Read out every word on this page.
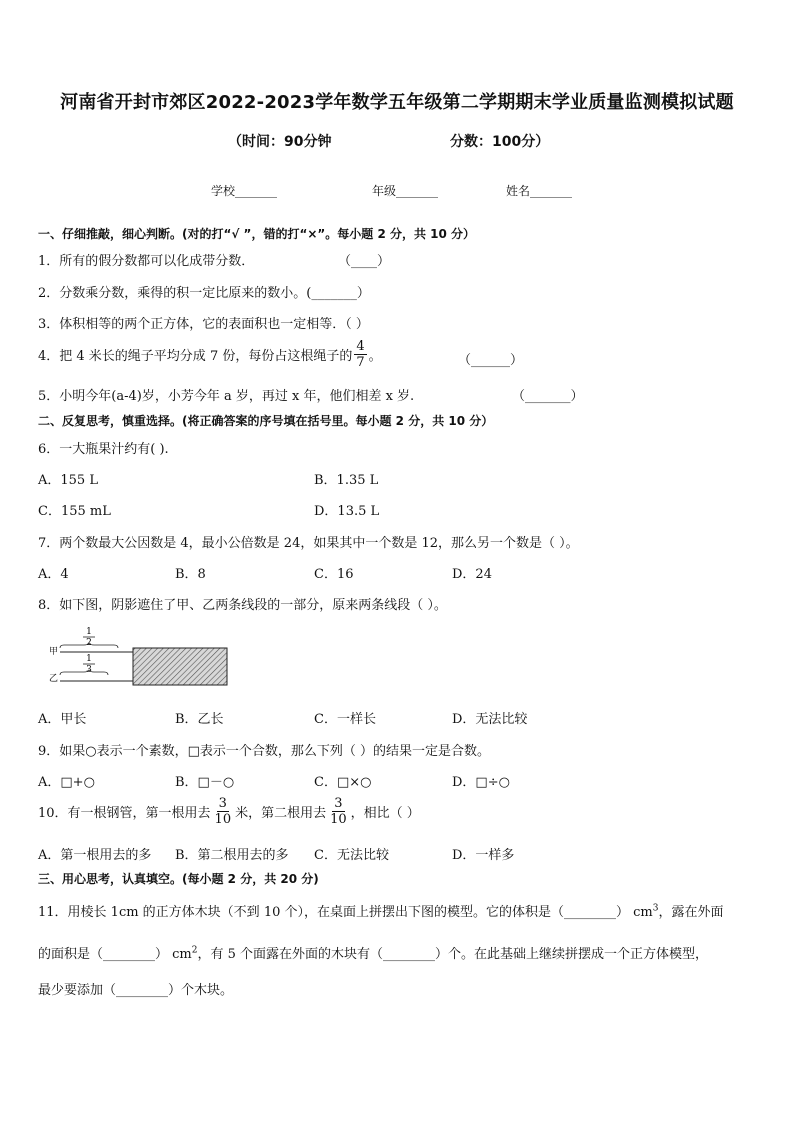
河南省开封市郊区2022-2023学年数学五年级第二学期期末学业质量监测模拟试题
（时间：90分钟	分数：100分）
学校_______	年级_______	姓名_______
一、仔细推敲，细心判断。(对的打“√ ”，错的打“×”。每小题 2 分，共 10 分）
1．所有的假分数都可以化成带分数．	（____）
2．分数乘分数，乘得的积一定比原来的数小。(_______）
3．体积相等的两个正方体，它的表面积也一定相等．（ ）
4．把 4 米长的绳子平均分成 7 份，每份占这根绳子的 $\frac{4}{7}$ 。	（______）
5．小明今年(a-4)岁，小芳今年 a 岁，再过 x 年，他们相差 x 岁.	（_______）
二、反复思考，慎重选择。(将正确答案的序号填在括号里。每小题 2 分，共 10 分）
6．一大瓶果汁约有( ).
A．155 L	B．1.35 L
C．155 mL	D．13.5 L
7．两个数最大公因数是 4，最小公倍数是 24，如果其中一个数是 12，那么另一个数是（ ）。
A．4	B．8	C．16	D．24
8．如下图，阴影遮住了甲、乙两条线段的一部分，原来两条线段（ ）。
甲
乙
1
2
1
3
A．甲长	B．乙长	C．一样长	D．无法比较
9．如果○表示一个素数，□表示一个合数，那么下列（ ）的结果一定是合数。
A．□+○	B．□－○	C．□×○	D．□÷○
10．有一根钢管，第一根用去 $\frac{3}{10}$ 米，第二根用去 $\frac{3}{10}$ ，相比（ ）
A．第一根用去的多 B．第二根用去的多 C．无法比较	D．一样多
三、用心思考，认真填空。(每小题 2 分，共 20 分)
11．用棱长 1cm 的正方体木块（不到 10 个），在桌面上拼摆出下图的模型。它的体积是（________） $cm^3$，露在外面
的面积是（________） $cm^2$，有 5 个面露在外面的木块有（________）个。在此基础上继续拼摆成一个正方体模型，
最少要添加（________）个木块。
